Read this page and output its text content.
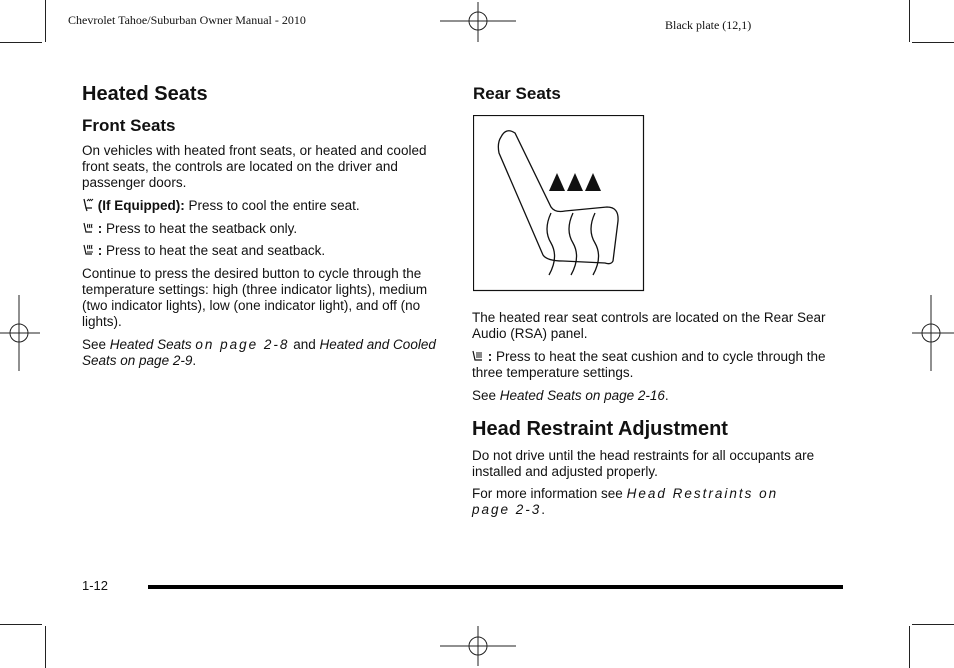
Chevrolet Tahoe/Suburban Owner Manual - 2010	Black plate (12,1)
Heated Seats
Front Seats

On vehicles with heated front seats, or heated and cooled front seats, the controls are located on the driver and passenger doors.

(If Equipped): Press to cool the entire seat.

: Press to heat the seatback only.

: Press to heat the seat and seatback.

Continue to press the desired button to cycle through the temperature settings: high (three indicator lights), medium (two indicator lights), low (one indicator light), and off (no lights).

See Heated Seats on page 2-8 and Heated and Cooled Seats on page 2-9.

Rear Seats

The heated rear seat controls are located on the Rear Sear Audio (RSA) panel.

: Press to heat the seat cushion and to cycle through the three temperature settings.

See Heated Seats on page 2-16.

Head Restraint Adjustment

Do not drive until the head restraints for all occupants are installed and adjusted properly.

For more information see Head Restraints on
page 2-3.

1-12
